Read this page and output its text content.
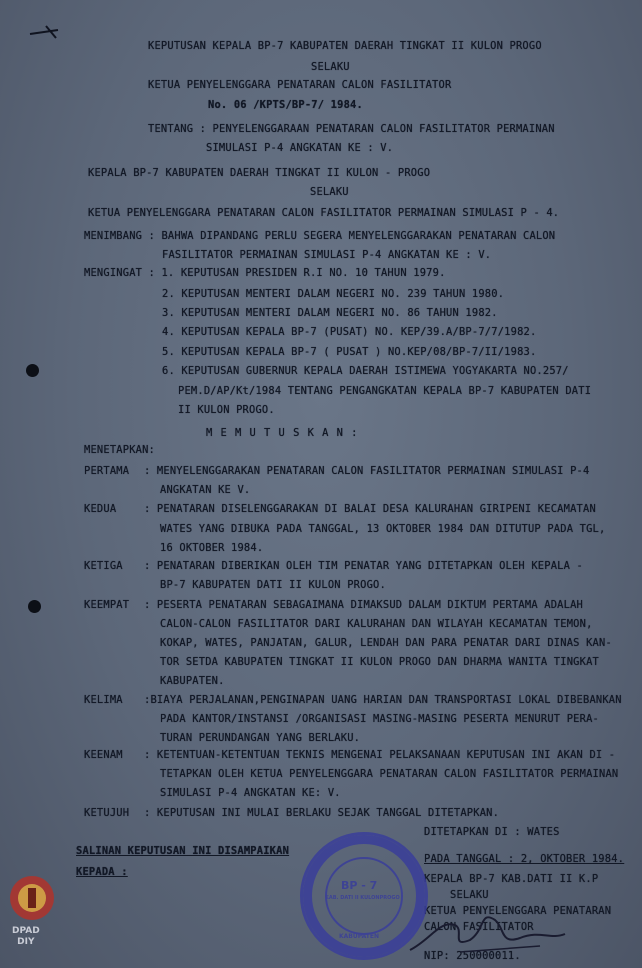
KEPUTUSAN KEPALA BP-7 KABUPATEN DAERAH TINGKAT II KULON PROGO
SELAKU
KETUA PENYELENGGARA PENATARAN CALON FASILITATOR
No. 06 /KPTS/BP-7/ 1984.
TENTANG : PENYELENGGARAAN PENATARAN CALON FASILITATOR PERMAINAN
SIMULASI P-4 ANGKATAN KE : V.
KEPALA BP-7 KABUPATEN DAERAH TINGKAT II KULON - PROGO
SELAKU
KETUA PENYELENGGARA PENATARAN CALON FASILITATOR PERMAINAN SIMULASI P - 4.
MENIMBANG : BAHWA DIPANDANG PERLU SEGERA MENYELENGGARAKAN PENATARAN CALON
FASILITATOR PERMAINAN SIMULASI P-4 ANGKATAN KE : V.
MENGINGAT : 1. KEPUTUSAN PRESIDEN R.I NO. 10 TAHUN 1979.
2. KEPUTUSAN MENTERI DALAM NEGERI NO. 239 TAHUN 1980.
3. KEPUTUSAN MENTERI DALAM NEGERI NO. 86 TAHUN 1982.
4. KEPUTUSAN KEPALA BP-7 (PUSAT) NO. KEP/39.A/BP-7/7/1982.
5. KEPUTUSAN KEPALA BP-7 ( PUSAT ) NO.KEP/08/BP-7/II/1983.
6. KEPUTUSAN GUBERNUR KEPALA DAERAH ISTIMEWA YOGYAKARTA NO.257/
PEM.D/AP/Kt/1984 TENTANG PENGANGKATAN KEPALA BP-7 KABUPATEN DATI
II KULON PROGO.
M E M U T U S K A N :
MENETAPKAN:
PERTAMA : MENYELENGGARAKAN PENATARAN CALON FASILITATOR PERMAINAN SIMULASI P-4
ANGKATAN KE V.
KEDUA	: PENATARAN DISELENGGARAKAN DI BALAI DESA KALURAHAN GIRIPENI KECAMATAN
WATES YANG DIBUKA PADA TANGGAL, 13 OKTOBER 1984 DAN DITUTUP PADA TGL,
16 OKTOBER 1984.
KETIGA : PENATARAN DIBERIKAN OLEH TIM PENATAR YANG DITETAPKAN OLEH KEPALA -
BP-7 KABUPATEN DATI II KULON PROGO.
KEEMPAT : PESERTA PENATARAN SEBAGAIMANA DIMAKSUD DALAM DIKTUM PERTAMA ADALAH
CALON-CALON FASILITATOR DARI KALURAHAN DAN WILAYAH KECAMATAN TEMON,
KOKAP, WATES, PANJATAN, GALUR, LENDAH DAN PARA PENATAR DARI DINAS KAN-
TOR SETDA KABUPATEN TINGKAT II KULON PROGO DAN DHARMA WANITA TINGKAT
KABUPATEN.
KELIMA :BIAYA PERJALANAN,PENGINAPAN UANG HARIAN DAN TRANSPORTASI LOKAL DIBEBANKAN
PADA KANTOR/INSTANSI /ORGANISASI MASING-MASING PESERTA MENURUT PERA-
TURAN PERUNDANGAN YANG BERLAKU.
KEENAM : KETENTUAN-KETENTUAN TEKNIS MENGENAI PELAKSANAAN KEPUTUSAN INI AKAN DI -
TETAPKAN OLEH KETUA PENYELENGGARA PENATARAN CALON FASILITATOR PERMAINAN
SIMULASI P-4 ANGKATAN KE: V.
KETUJUH : KEPUTUSAN INI MULAI BERLAKU SEJAK TANGGAL DITETAPKAN.
SALINAN KEPUTUSAN INI DISAMPAIKAN
KEPADA :
DITETAPKAN DI : WATES
PADA TANGGAL : 2, OKTOBER 1984.
KEPALA BP-7 KAB.DATI II K.P
SELAKU
KETUA PENYELENGGARA PENATARAN
CALON FASILITATOR
NIP: 250000011.
BP - 7
KAB. DATI II KULONPROGO
KABUPATEN
DPAD
DIY
